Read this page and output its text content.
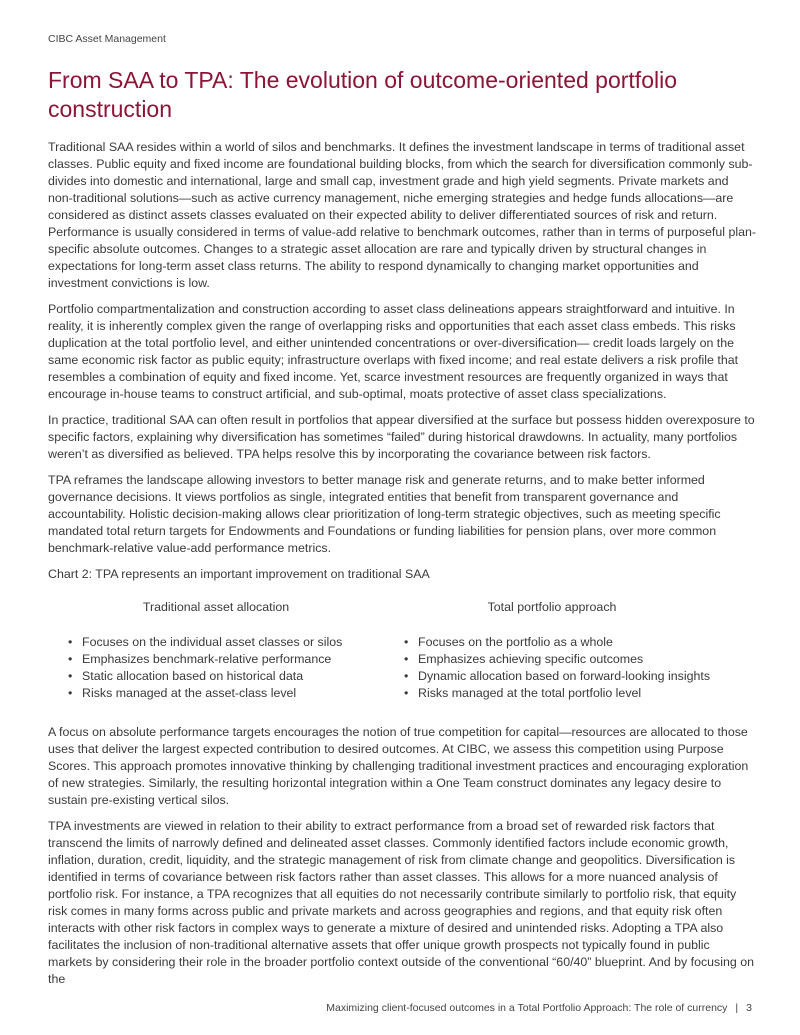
CIBC Asset Management
From SAA to TPA: The evolution of outcome-oriented portfolio construction

Traditional SAA resides within a world of silos and benchmarks. It defines the investment landscape in terms of traditional asset classes. Public equity and fixed income are foundational building blocks, from which the search for diversification commonly sub-divides into domestic and international, large and small cap, investment grade and high yield segments. Private markets and non-traditional solutions—such as active currency management, niche emerging strategies and hedge funds allocations—are considered as distinct assets classes evaluated on their expected ability to deliver differentiated sources of risk and return. Performance is usually considered in terms of value-add relative to benchmark outcomes, rather than in terms of purposeful plan-specific absolute outcomes. Changes to a strategic asset allocation are rare and typically driven by structural changes in expectations for long-term asset class returns. The ability to respond dynamically to changing market opportunities and investment convictions is low.

Portfolio compartmentalization and construction according to asset class delineations appears straightforward and intuitive. In reality, it is inherently complex given the range of overlapping risks and opportunities that each asset class embeds. This risks duplication at the total portfolio level, and either unintended concentrations or over-diversification— credit loads largely on the same economic risk factor as public equity; infrastructure overlaps with fixed income; and real estate delivers a risk profile that resembles a combination of equity and fixed income. Yet, scarce investment resources are frequently organized in ways that encourage in-house teams to construct artificial, and sub-optimal, moats protective of asset class specializations.

In practice, traditional SAA can often result in portfolios that appear diversified at the surface but possess hidden overexposure to specific factors, explaining why diversification has sometimes “failed” during historical drawdowns. In actuality, many portfolios weren’t as diversified as believed. TPA helps resolve this by incorporating the covariance between risk factors.

TPA reframes the landscape allowing investors to better manage risk and generate returns, and to make better informed governance decisions. It views portfolios as single, integrated entities that benefit from transparent governance and accountability. Holistic decision-making allows clear prioritization of long-term strategic objectives, such as meeting specific mandated total return targets for Endowments and Foundations or funding liabilities for pension plans, over more common benchmark-relative value-add performance metrics.

Chart 2: TPA represents an important improvement on traditional SAA

Traditional asset allocation
• Focuses on the individual asset classes or silos
• Emphasizes benchmark-relative performance
• Static allocation based on historical data
• Risks managed at the asset-class level
Total portfolio approach
• Focuses on the portfolio as a whole
• Emphasizes achieving specific outcomes
• Dynamic allocation based on forward-looking insights
• Risks managed at the total portfolio level

A focus on absolute performance targets encourages the notion of true competition for capital—resources are allocated to those uses that deliver the largest expected contribution to desired outcomes. At CIBC, we assess this competition using Purpose Scores. This approach promotes innovative thinking by challenging traditional investment practices and encouraging exploration of new strategies. Similarly, the resulting horizontal integration within a One Team construct dominates any legacy desire to sustain pre-existing vertical silos.

TPA investments are viewed in relation to their ability to extract performance from a broad set of rewarded risk factors that transcend the limits of narrowly defined and delineated asset classes. Commonly identified factors include economic growth, inflation, duration, credit, liquidity, and the strategic management of risk from climate change and geopolitics. Diversification is identified in terms of covariance between risk factors rather than asset classes. This allows for a more nuanced analysis of portfolio risk. For instance, a TPA recognizes that all equities do not necessarily contribute similarly to portfolio risk, that equity risk comes in many forms across public and private markets and across geographies and regions, and that equity risk often interacts with other risk factors in complex ways to generate a mixture of desired and unintended risks. Adopting a TPA also facilitates the inclusion of non-traditional alternative assets that offer unique growth prospects not typically found in public markets by considering their role in the broader portfolio context outside of the conventional “60/40” blueprint. And by focusing on the

Maximizing client-focused outcomes in a Total Portfolio Approach: The role of currency | 3
